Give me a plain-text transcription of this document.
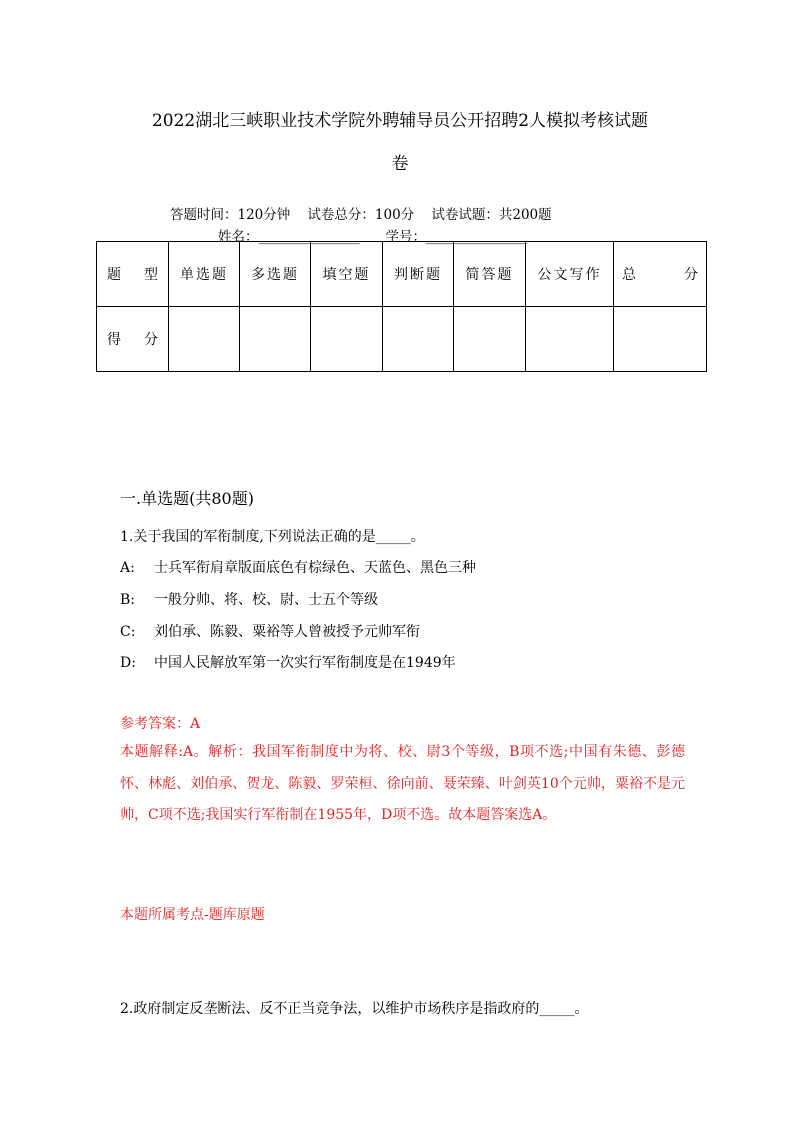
2022湖北三峡职业技术学院外聘辅导员公开招聘2人模拟考核试题
卷
答题时间：120分钟    试卷总分：100分    试卷试题：共200题
姓名：_______________      学号：_______________
题　型	单选题	多选题	填空题	判断题	简答题	公文写作	总　分
得　分							
一.单选题(共80题)
1.关于我国的军衔制度,下列说法正确的是_____。
A: 士兵军衔肩章版面底色有棕绿色、天蓝色、黑色三种
B: 一般分帅、将、校、尉、士五个等级
C: 刘伯承、陈毅、粟裕等人曾被授予元帅军衔
D: 中国人民解放军第一次实行军衔制度是在1949年
参考答案：A
本题解释:A。解析：我国军衔制度中为将、校、尉3个等级，B项不选;中国有朱德、彭德怀、林彪、刘伯承、贺龙、陈毅、罗荣桓、徐向前、聂荣臻、叶剑英10个元帅，粟裕不是元帅，C项不选;我国实行军衔制在1955年，D项不选。故本题答案选A。
本题所属考点-题库原题
2.政府制定反垄断法、反不正当竞争法，以维护市场秩序是指政府的_____。
